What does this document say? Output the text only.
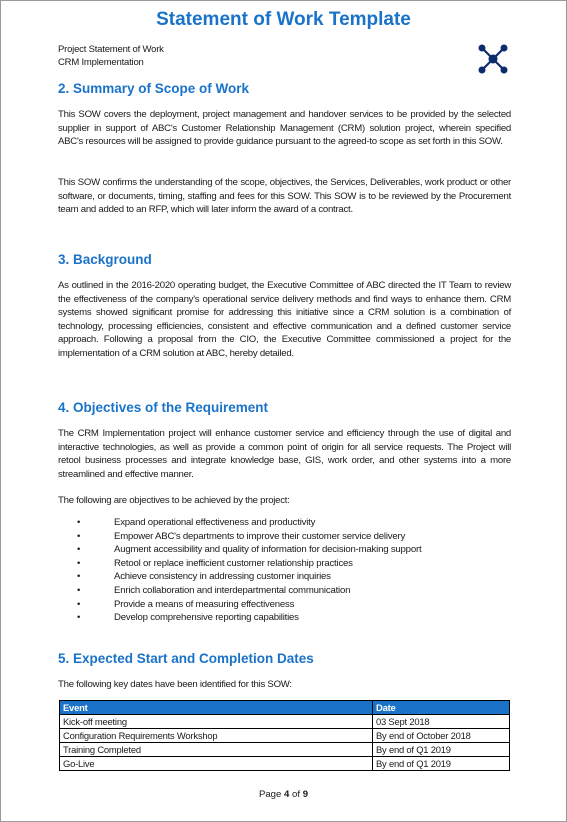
Statement of Work Template
Project Statement of Work
CRM Implementation
2. Summary of Scope of Work
This SOW covers the deployment, project management and handover services to be provided by the selected supplier in support of ABC's Customer Relationship Management (CRM) solution project, wherein specified ABC's resources will be assigned to provide guidance pursuant to the agreed-to scope as set forth in this SOW.
This SOW confirms the understanding of the scope, objectives, the Services, Deliverables, work product or other software, or documents, timing, staffing and fees for this SOW. This SOW is to be reviewed by the Procurement team and added to an RFP, which will later inform the award of a contract.
3. Background
As outlined in the 2016-2020 operating budget, the Executive Committee of ABC directed the IT Team to review the effectiveness of the company's operational service delivery methods and find ways to enhance them. CRM systems showed significant promise for addressing this initiative since a CRM solution is a combination of technology, processing efficiencies, consistent and effective communication and a defined customer service approach. Following a proposal from the CIO, the Executive Committee commissioned a project for the implementation of a CRM solution at ABC, hereby detailed.
4. Objectives of the Requirement
The CRM Implementation project will enhance customer service and efficiency through the use of digital and interactive technologies, as well as provide a common point of origin for all service requests. The Project will retool business processes and integrate knowledge base, GIS, work order, and other systems into a more streamlined and effective manner.
The following are objectives to be achieved by the project:
•	Expand operational effectiveness and productivity
•	Empower ABC's departments to improve their customer service delivery
•	Augment accessibility and quality of information for decision-making support
•	Retool or replace inefficient customer relationship practices
•	Achieve consistency in addressing customer inquiries
•	Enrich collaboration and interdepartmental communication
•	Provide a means of measuring effectiveness
•	Develop comprehensive reporting capabilities
5. Expected Start and Completion Dates
The following key dates have been identified for this SOW:
Event	Date
Kick-off meeting	03 Sept 2018
Configuration Requirements Workshop	By end of October 2018
Training Completed	By end of Q1 2019
Go-Live	By end of Q1 2019
Page 4 of 9
